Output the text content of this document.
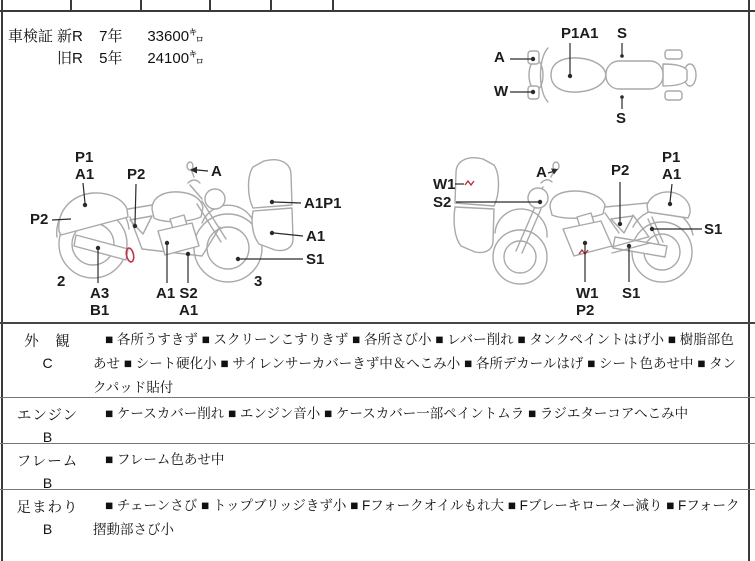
車検証 新R 7年 33600㌔
旧R 5年 24100㌔	A
W
P1A1 S
S
P1
A1 P2	A
A1P1
A1
S1
P2
2
A3
B1
A1 S2
A1
3
W1
S2
A	P2
P1
A1
S1
W1
P2
S1
外　観
C
■ 各所うすきず ■ スクリーンこすりきず ■ 各所さび小 ■ レバー削れ ■ タンクペイントはげ小 ■ 樹脂部色あせ ■ シート硬化小 ■ サイレンサーカバーきず中＆へこみ小 ■ 各所デカールはげ ■ シート色あせ中 ■ タンクパッド貼付
エンジン
B
■ ケースカバー削れ ■ エンジン音小 ■ ケースカバー一部ペイントムラ ■ ラジエターコアへこみ中
フレーム
B
■ フレーム色あせ中
足まわり
B
■ チェーンさび ■ トップブリッジきず小 ■ Fフォークオイルもれ大 ■ Fブレーキローター減り ■ Fフォーク摺動部さび小
